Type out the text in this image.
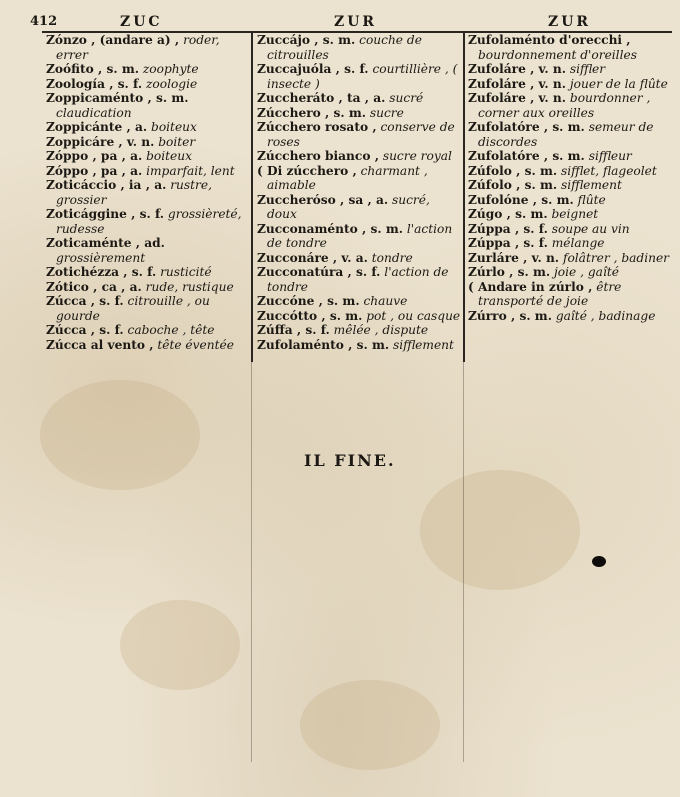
412	ZUC	ZUR	ZUR

Zónzo , (andare a) , roder, errer

Zoófito , s. m. zoophyte

Zoología , s. f. zoologie

Zoppicaménto , s. m. claudication

Zoppicánte , a. boiteux

Zoppicáre , v. n. boiter

Zóppo , pa , a. boiteux

Zóppo , pa , a. imparfait, lent

Zoticáccio , ia , a. rustre, grossier

Zoticággine , s. f. grossièreté, rudesse

Zoticaménte , ad. grossièrement

Zotichézza , s. f. rusticité

Zótico , ca , a. rude, rustique

Zúcca , s. f. citrouille , ou gourde

Zúcca , s. f. caboche , tête

Zúcca al vento , tête éventée

Zuccájo , s. m. couche de citrouilles

Zuccajuóla , s. f. courtillière , ( insecte )

Zuccheráto , ta , a. sucré

Zúcchero , s. m. sucre

Zúcchero rosato , conserve de roses

Zúcchero bianco , sucre royal

( Di zúcchero , charmant , aimable

Zuccheróso , sa , a. sucré, doux

Zucconaménto , s. m. l'action de tondre

Zucconáre , v. a. tondre

Zucconatúra , s. f. l'action de tondre

Zuccóne , s. m. chauve

Zuccótto , s. m. pot , ou casque

Zúffa , s. f. mêlée , dispute

Zufolaménto , s. m. sifflement

Zufolaménto d'orecchi , bourdonnement d'oreilles

Zufoláre , v. n. siffler

Zufoláre , v. n. jouer de la flûte

Zufoláre , v. n. bourdonner , corner aux oreilles

Zufolatóre , s. m. semeur de discordes

Zufolatóre , s. m. siffleur

Zúfolo , s. m. sifflet, flageolet

Zúfolo , s. m. sifflement

Zufolóne , s. m. flûte

Zúgo , s. m. beignet

Zúppa , s. f. soupe au vin

Zúppa , s. f. mélange

Zurláre , v. n. folâtrer , badiner

Zúrlo , s. m. joie , gaîté

( Andare in zúrlo , être transporté de joie

Zúrro , s. m. gaîté , badinage

IL FINE.
